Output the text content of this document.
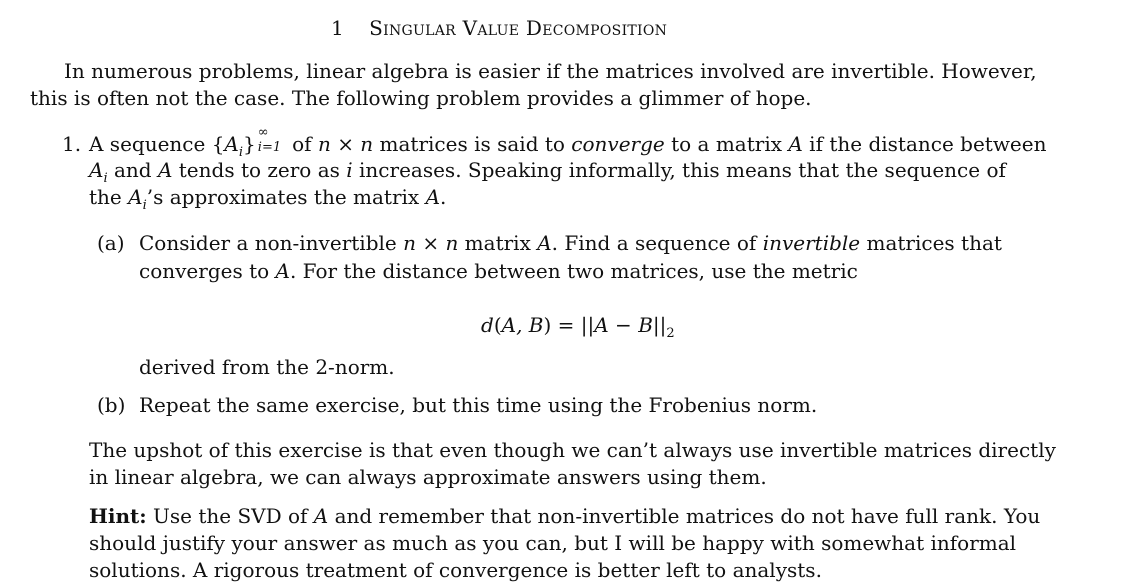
1 Singular Value Decomposition
In numerous problems, linear algebra is easier if the matrices involved are invertible. However,
this is often not the case. The following problem provides a glimmer of hope.
1. A sequence $\{A_i\}$ ∞
i=1 of n × n matrices is said to converge to a matrix A if the distance between
$A_i$ and A tends to zero as i increases. Speaking informally, this means that the sequence of
the $A_i’s$ approximates the matrix A.
(a) Consider a non-invertible n × n matrix A. Find a sequence of invertible matrices that
converges to A. For the distance between two matrices, use the metric
d(A, $B) = ||A - B||_2$
derived from the 2-norm.
(b) Repeat the same exercise, but this time using the Frobenius norm.
The upshot of this exercise is that even though we can’t always use invertible matrices directly
in linear algebra, we can always approximate answers using them.
Hint: Use the SVD of A and remember that non-invertible matrices do not have full rank. You
should justify your answer as much as you can, but I will be happy with somewhat informal
solutions. A rigorous treatment of convergence is better left to analysts.
